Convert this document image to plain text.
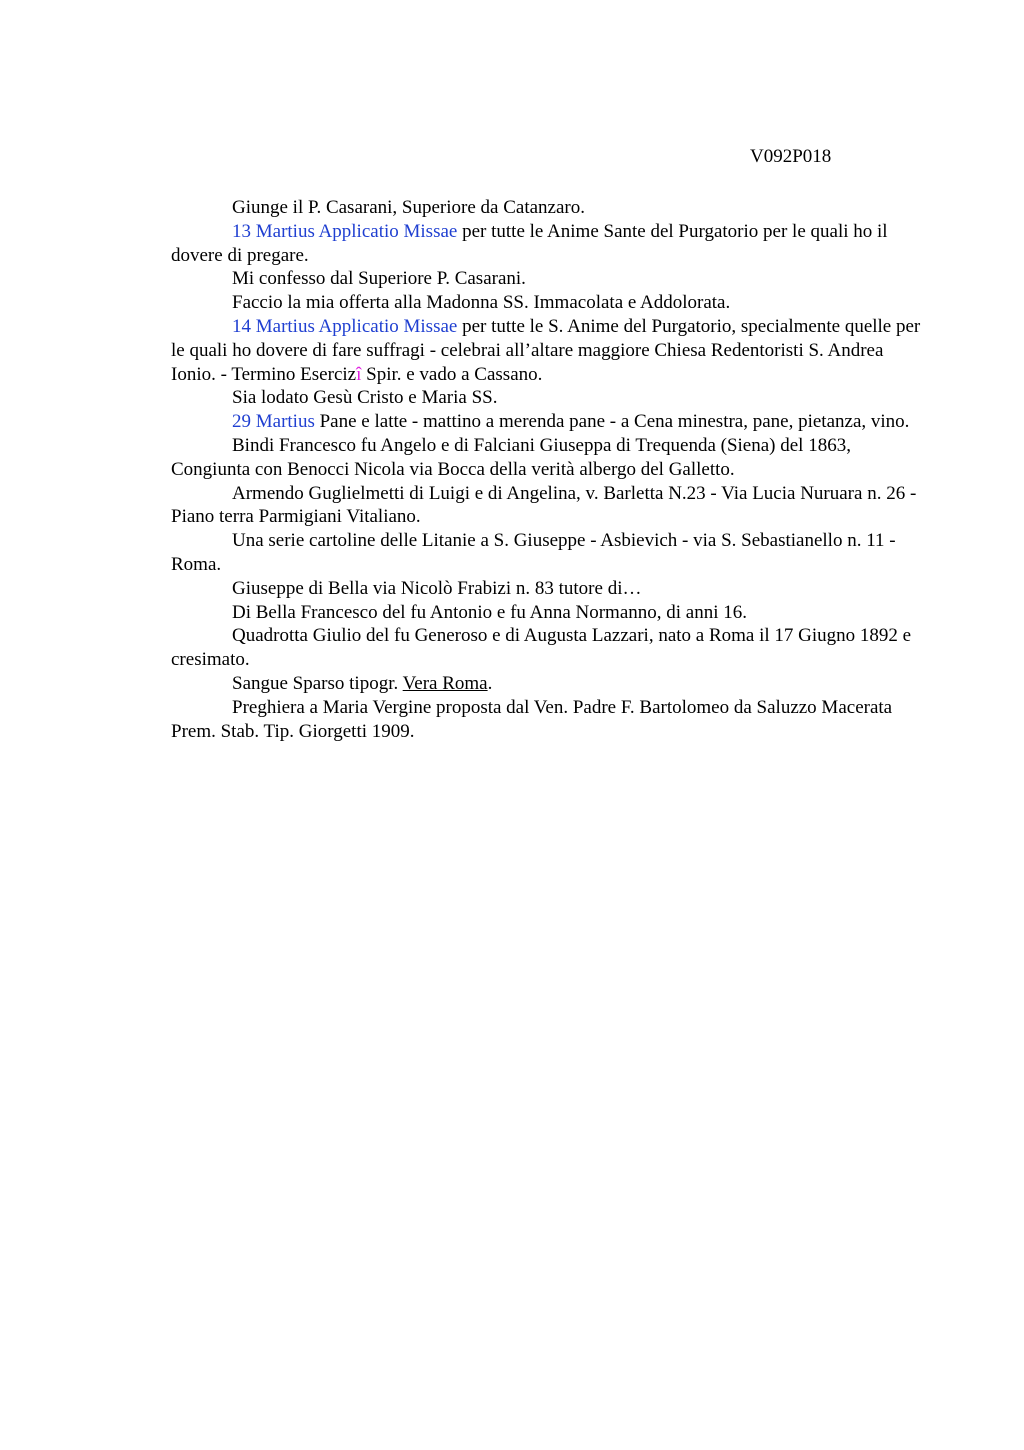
V092P018

Giunge il P. Casarani, Superiore da Catanzaro.

13 Martius Applicatio Missae per tutte le Anime Sante del Purgatorio per le quali ho il dovere di pregare.

Mi confesso dal Superiore P. Casarani.

Faccio la mia offerta alla Madonna SS. Immacolata e Addolorata.

14 Martius Applicatio Missae per tutte le S. Anime del Purgatorio, specialmente quelle per le quali ho dovere di fare suffragi - celebrai all’altare maggiore Chiesa Redentoristi S. Andrea Ionio. - Termino Esercizî Spir. e vado a Cassano.

Sia lodato Gesù Cristo e Maria SS.

29 Martius Pane e latte - mattino a merenda pane - a Cena minestra, pane, pietanza, vino.

Bindi Francesco fu Angelo e di Falciani Giuseppa di Trequenda (Siena) del 1863, Congiunta con Benocci Nicola via Bocca della verità albergo del Galletto.

Armendo Guglielmetti di Luigi e di Angelina, v. Barletta N.23 - Via Lucia Nuruara n. 26 - Piano terra Parmigiani Vitaliano.

Una serie cartoline delle Litanie a S. Giuseppe - Asbievich - via S. Sebastianello n. 11 - Roma.

Giuseppe di Bella via Nicolò Frabizi n. 83 tutore di…

Di Bella Francesco del fu Antonio e fu Anna Normanno, di anni 16.

Quadrotta Giulio del fu Generoso e di Augusta Lazzari, nato a Roma il 17 Giugno 1892 e cresimato.

Sangue Sparso tipogr. Vera Roma.

Preghiera a Maria Vergine proposta dal Ven. Padre F. Bartolomeo da Saluzzo Macerata Prem. Stab. Tip. Giorgetti 1909.
